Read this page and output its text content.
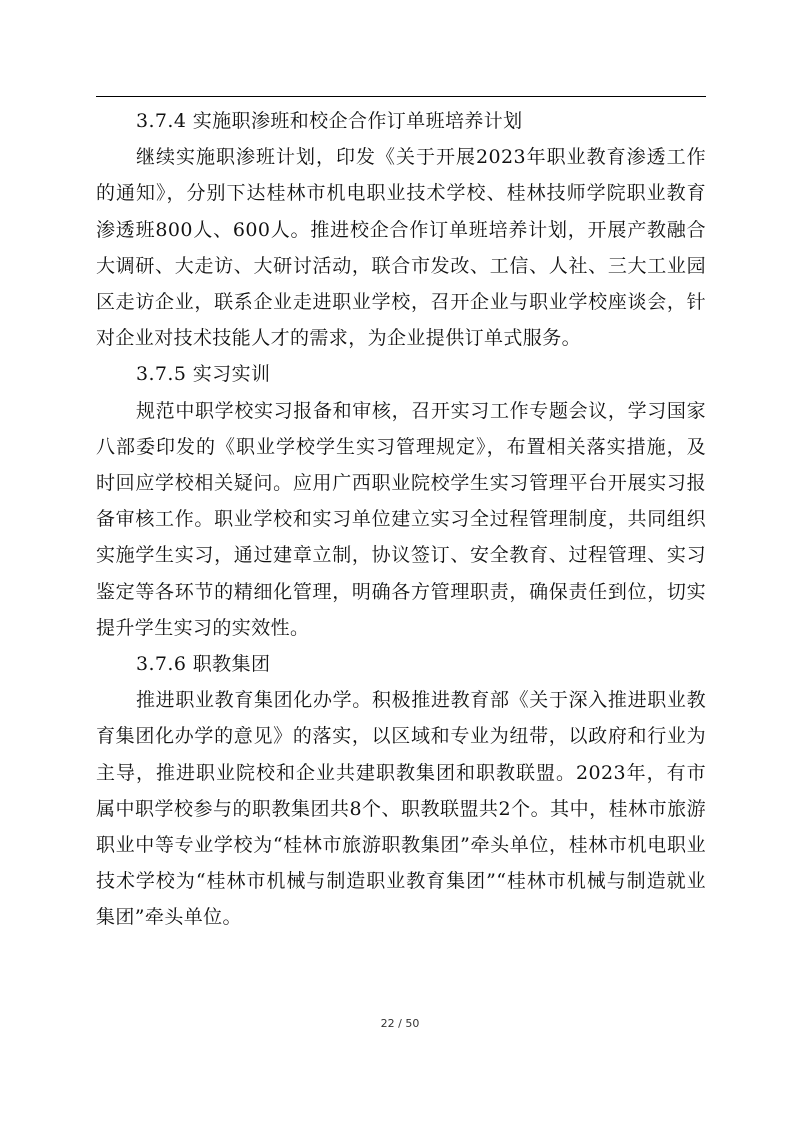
3.7.4 实施职渗班和校企合作订单班培养计划

继续实施职渗班计划，印发《关于开展2023年职业教育渗透工作的通知》，分别下达桂林市机电职业技术学校、桂林技师学院职业教育渗透班800人、600人。推进校企合作订单班培养计划，开展产教融合大调研、大走访、大研讨活动，联合市发改、工信、人社、三大工业园区走访企业，联系企业走进职业学校，召开企业与职业学校座谈会，针对企业对技术技能人才的需求，为企业提供订单式服务。

3.7.5 实习实训

规范中职学校实习报备和审核，召开实习工作专题会议，学习国家八部委印发的《职业学校学生实习管理规定》，布置相关落实措施，及时回应学校相关疑问。应用广西职业院校学生实习管理平台开展实习报备审核工作。职业学校和实习单位建立实习全过程管理制度，共同组织实施学生实习，通过建章立制，协议签订、安全教育、过程管理、实习鉴定等各环节的精细化管理，明确各方管理职责，确保责任到位，切实提升学生实习的实效性。

3.7.6 职教集团

推进职业教育集团化办学。积极推进教育部《关于深入推进职业教育集团化办学的意见》的落实，以区域和专业为纽带，以政府和行业为主导，推进职业院校和企业共建职教集团和职教联盟。2023年，有市属中职学校参与的职教集团共8个、职教联盟共2个。其中，桂林市旅游职业中等专业学校为“桂林市旅游职教集团”牵头单位，桂林市机电职业技术学校为“桂林市机械与制造职业教育集团”“桂林市机械与制造就业集团”牵头单位。

22 / 50
